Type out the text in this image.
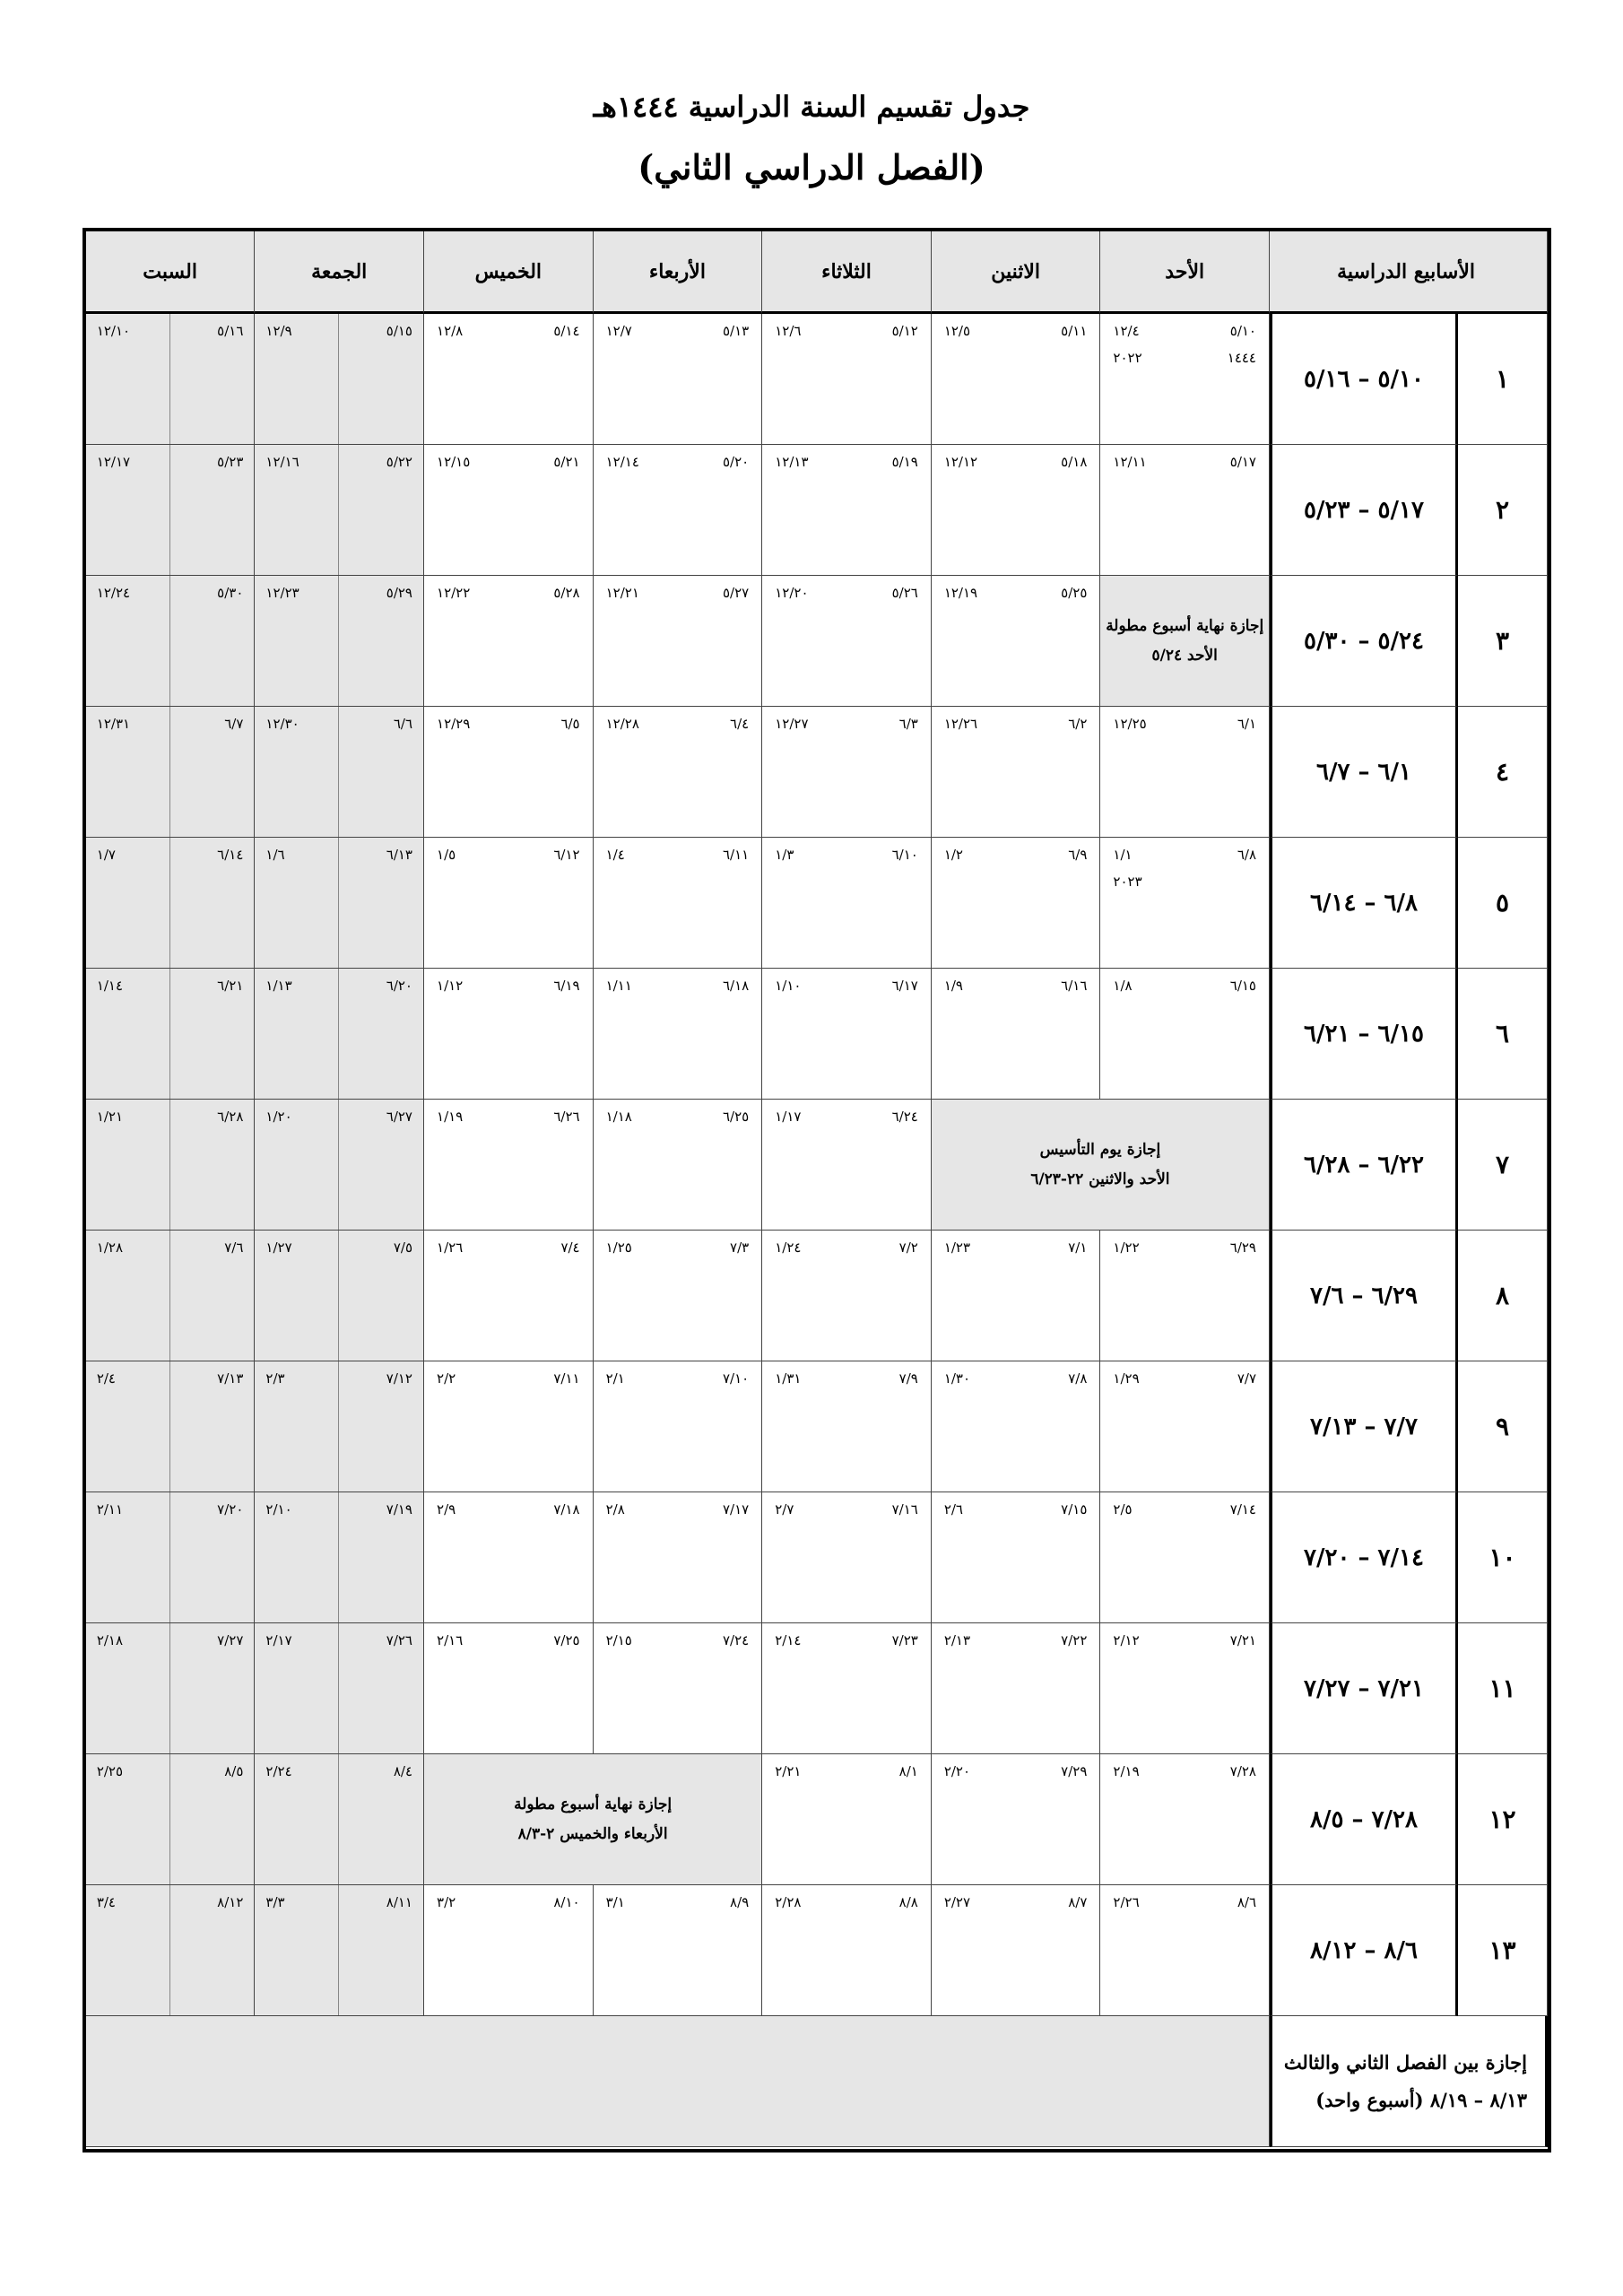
جدول تقسيم السنة الدراسية ١٤٤٤هـ
(الفصل الدراسي الثاني)
الأسابيع الدراسية
الأحد
الاثنين
الثلاثاء
الأربعاء
الخميس
الجمعة
السبت
١
٥/١٠ – ٥/١٦
٥/١٠
١٢/٤
١٤٤٤
٢٠٢٢
٥/١١
١٢/٥
٥/١٢
١٢/٦
٥/١٣
١٢/٧
٥/١٤
١٢/٨
٥/١٥
١٢/٩
٥/١٦
١٢/١٠
٢
٥/١٧ – ٥/٢٣
٥/١٧
١٢/١١
٥/١٨
١٢/١٢
٥/١٩
١٢/١٣
٥/٢٠
١٢/١٤
٥/٢١
١٢/١٥
٥/٢٢
١٢/١٦
٥/٢٣
١٢/١٧
٣
٥/٢٤ – ٥/٣٠
٥/٢٥
١٢/١٩
٥/٢٦
١٢/٢٠
٥/٢٧
١٢/٢١
٥/٢٨
١٢/٢٢
٥/٢٩
١٢/٢٣
٥/٣٠
١٢/٢٤
٤
٦/١ – ٦/٧
٦/١
١٢/٢٥
٦/٢
١٢/٢٦
٦/٣
١٢/٢٧
٦/٤
١٢/٢٨
٦/٥
١٢/٢٩
٦/٦
١٢/٣٠
٦/٧
١٢/٣١
٥
٦/٨ – ٦/١٤
٦/٨
١/١
٢٠٢٣
٦/٩
١/٢
٦/١٠
١/٣
٦/١١
١/٤
٦/١٢
١/٥
٦/١٣
١/٦
٦/١٤
١/٧
٦
٦/١٥ – ٦/٢١
٦/١٥
١/٨
٦/١٦
١/٩
٦/١٧
١/١٠
٦/١٨
١/١١
٦/١٩
١/١٢
٦/٢٠
١/١٣
٦/٢١
١/١٤
٧
٦/٢٢ – ٦/٢٨
٦/٢٤
١/١٧
٦/٢٥
١/١٨
٦/٢٦
١/١٩
٦/٢٧
١/٢٠
٦/٢٨
١/٢١
٨
٦/٢٩ – ٧/٦
٦/٢٩
١/٢٢
٧/١
١/٢٣
٧/٢
١/٢٤
٧/٣
١/٢٥
٧/٤
١/٢٦
٧/٥
١/٢٧
٧/٦
١/٢٨
٩
٧/٧ – ٧/١٣
٧/٧
١/٢٩
٧/٨
١/٣٠
٧/٩
١/٣١
٧/١٠
٢/١
٧/١١
٢/٢
٧/١٢
٢/٣
٧/١٣
٢/٤
١٠
٧/١٤ – ٧/٢٠
٧/١٤
٢/٥
٧/١٥
٢/٦
٧/١٦
٢/٧
٧/١٧
٢/٨
٧/١٨
٢/٩
٧/١٩
٢/١٠
٧/٢٠
٢/١١
١١
٧/٢١ – ٧/٢٧
٧/٢١
٢/١٢
٧/٢٢
٢/١٣
٧/٢٣
٢/١٤
٧/٢٤
٢/١٥
٧/٢٥
٢/١٦
٧/٢٦
٢/١٧
٧/٢٧
٢/١٨
١٢
٧/٢٨ – ٨/٥
٧/٢٨
٢/١٩
٧/٢٩
٢/٢٠
٨/١
٢/٢١
٨/٤
٢/٢٤
٨/٥
٢/٢٥
١٣
٨/٦ – ٨/١٢
٨/٦
٢/٢٦
٨/٧
٢/٢٧
٨/٨
٢/٢٨
٨/٩
٣/١
٨/١٠
٣/٢
٨/١١
٣/٣
٨/١٢
٣/٤
إجازة نهاية أسبوع مطولة
الأحد ٥/٢٤
إجازة يوم التأسيس
الأحد والاثنين ٢٢-٦/٢٣
إجازة نهاية أسبوع مطولة
الأربعاء والخميس ٢-٨/٣
إجازة بين الفصل الثاني والثالث
٨/١٣ – ٨/١٩ (أسبوع واحد)
